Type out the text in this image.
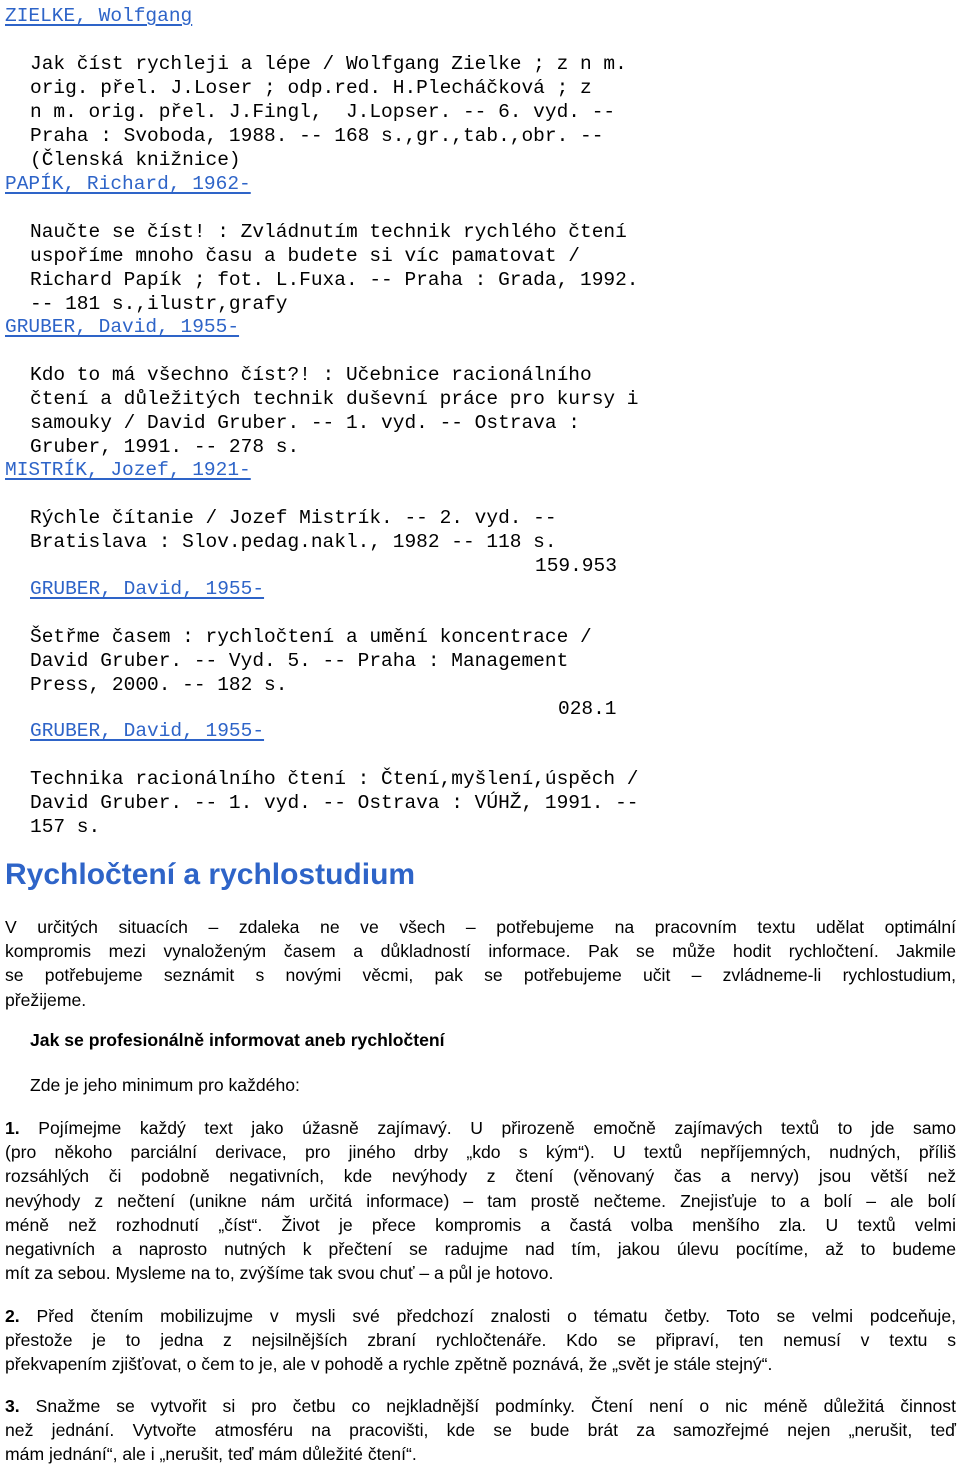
ZIELKE, Wolfgang
Jak číst rychleji a lépe / Wolfgang Zielke ; z n m.
orig. přel. J.Loser ; odp.red. H.Plecháčková ; z
n m. orig. přel. J.Fingl,  J.Lopser. -- 6. vyd. --
Praha : Svoboda, 1988. -- 168 s.,gr.,tab.,obr. --
(Členská knižnice)
PAPÍK, Richard, 1962-
Naučte se číst! : Zvládnutím technik rychlého čtení
uspoříme mnoho času a budete si víc pamatovat /
Richard Papík ; fot. L.Fuxa. -- Praha : Grada, 1992.
-- 181 s.,ilustr,grafy
GRUBER, David, 1955-
Kdo to má všechno číst?! : Učebnice racionálního
čtení a důležitých technik duševní práce pro kursy i
samouky / David Gruber. -- 1. vyd. -- Ostrava :
Gruber, 1991. -- 278 s.
MISTRÍK, Jozef, 1921-
Rýchle čítanie / Jozef Mistrík. -- 2. vyd. --
Bratislava : Slov.pedag.nakl., 1982 -- 118 s.
159.953
GRUBER, David, 1955-
Šetřme časem : rychločtení a umění koncentrace /
David Gruber. -- Vyd. 5. -- Praha : Management
Press, 2000. -- 182 s.
028.1
GRUBER, David, 1955-
Technika racionálního čtení : Čtení,myšlení,úspěch /
David Gruber. -- 1. vyd. -- Ostrava : VÚHŽ, 1991. --
157 s.
Rychločtení a rychlostudium
V určitých situacích – zdaleka ne ve všech – potřebujeme na pracovním textu udělat optimální
kompromis mezi vynaloženým časem a důkladností informace. Pak se může hodit rychločtení. Jakmile
se potřebujeme seznámit s novými věcmi, pak se potřebujeme učit – zvládneme-li rychlostudium,
přežijeme.
Jak se profesionálně informovat aneb rychločtení
Zde je jeho minimum pro každého:
1. Pojímejme každý text jako úžasně zajímavý. U přirozeně emočně zajímavých textů to jde samo
(pro někoho parciální derivace, pro jiného drby „kdo s kým“). U textů nepříjemných, nudných, příliš
rozsáhlých či podobně negativních, kde nevýhody z čtení (věnovaný čas a nervy) jsou větší než
nevýhody z nečtení (unikne nám určitá informace) – tam prostě nečteme. Znejisťuje to a bolí – ale bolí
méně než rozhodnutí „číst“. Život je přece kompromis a častá volba menšího zla. U textů velmi
negativních a naprosto nutných k přečtení se radujme nad tím, jakou úlevu pocítíme, až to budeme
mít za sebou. Mysleme na to, zvýšíme tak svou chuť – a půl je hotovo.
2. Před čtením mobilizujme v mysli své předchozí znalosti o tématu četby. Toto se velmi podceňuje,
přestože je to jedna z nejsilnějších zbraní rychločtenáře. Kdo se připraví, ten nemusí v textu s
překvapením zjišťovat, o čem to je, ale v pohodě a rychle zpětně poznává, že „svět je stále stejný“.
3. Snažme se vytvořit si pro četbu co nejkladnější podmínky. Čtení není o nic méně důležitá činnost
než jednání. Vytvořte atmosféru na pracovišti, kde se bude brát za samozřejmé nejen „nerušit, teď
mám jednání“, ale i „nerušit, teď mám důležité čtení“.
